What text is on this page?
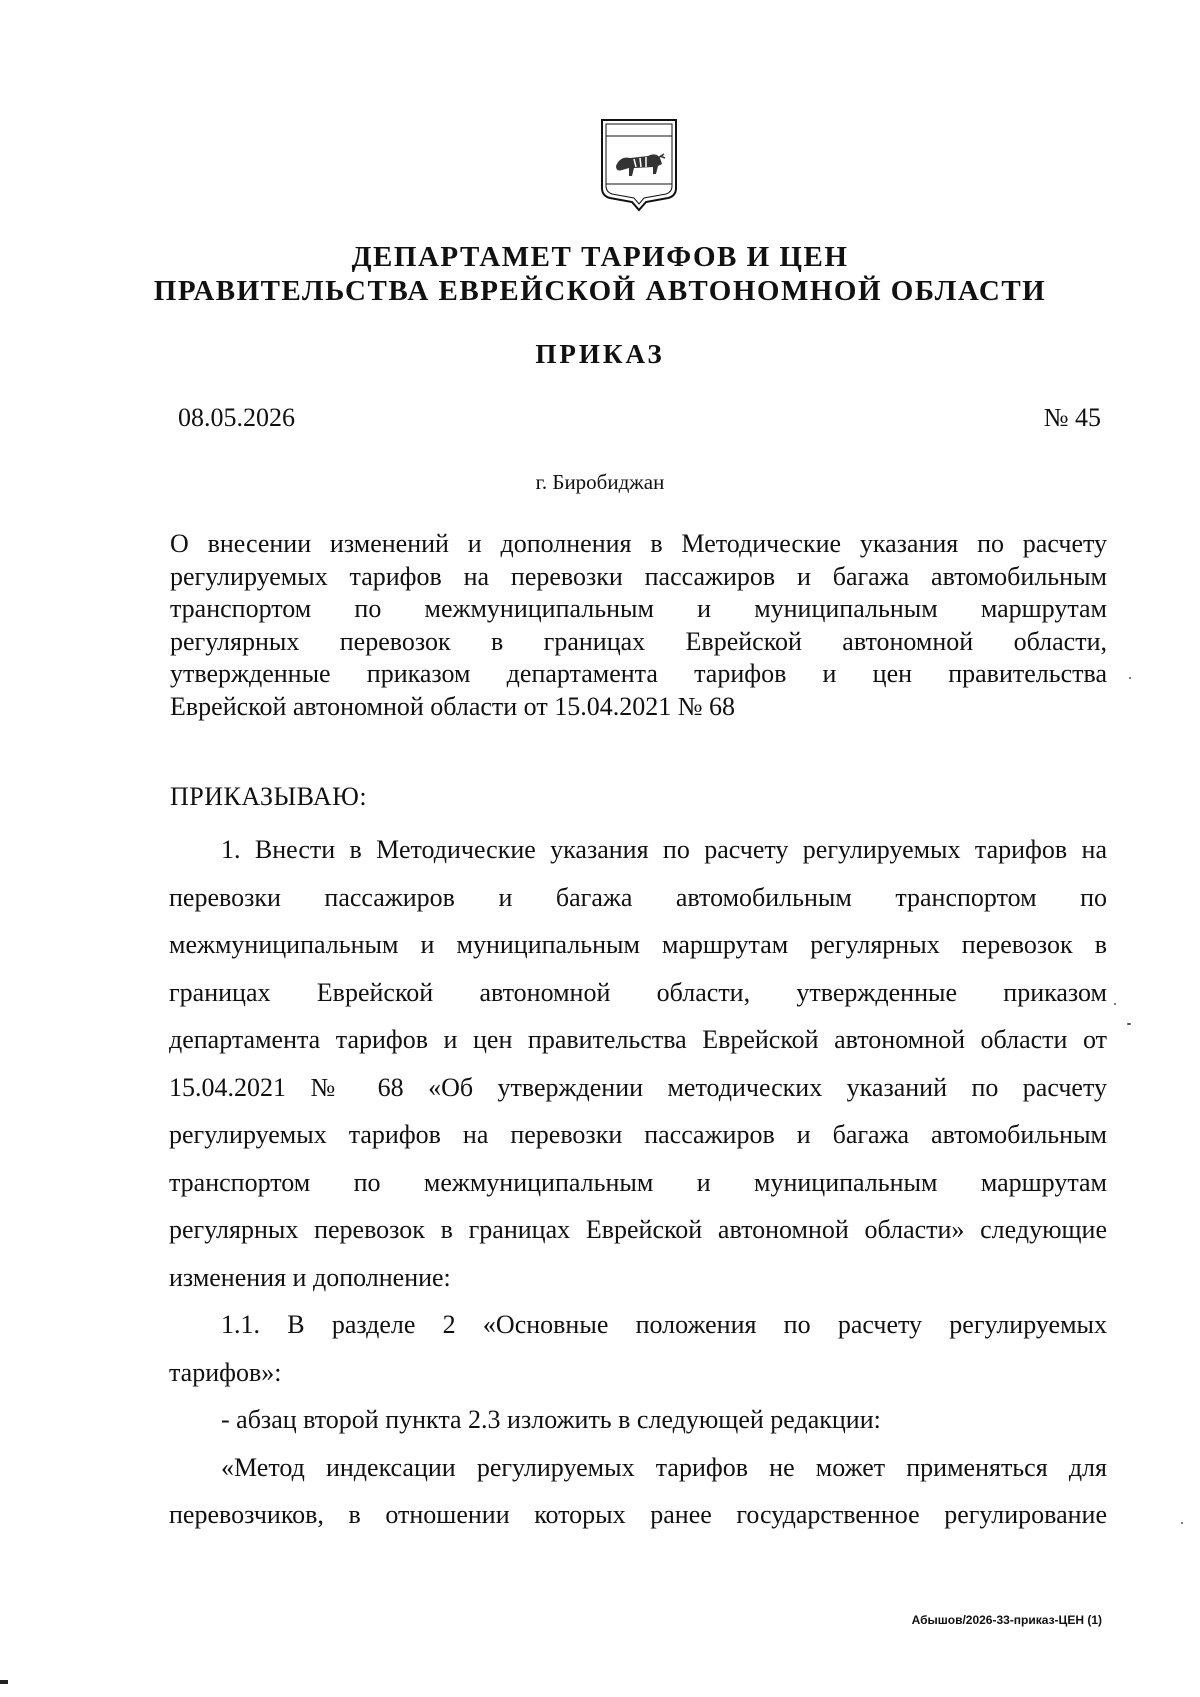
ДЕПАРТАМЕТ ТАРИФОВ И ЦЕН
ПРАВИТЕЛЬСТВА ЕВРЕЙСКОЙ АВТОНОМНОЙ ОБЛАСТИ
ПРИКАЗ
08.05.2026	№ 45
г. Биробиджан
О внесении изменений и дополнения в Методические указания по расчету
регулируемых тарифов на перевозки пассажиров и багажа автомобильным
транспортом по межмуниципальным и муниципальным маршрутам
регулярных перевозок в границах Еврейской автономной области,
утвержденные приказом департамента тарифов и цен правительства
Еврейской автономной области от 15.04.2021 № 68
ПРИКАЗЫВАЮ:
1. Внести в Методические указания по расчету регулируемых тарифов на
перевозки пассажиров и багажа автомобильным транспортом по
межмуниципальным и муниципальным маршрутам регулярных перевозок в
границах Еврейской автономной области, утвержденные приказом
департамента тарифов и цен правительства Еврейской автономной области от
15.04.2021 № 68 «Об утверждении методических указаний по расчету
регулируемых тарифов на перевозки пассажиров и багажа автомобильным
транспортом по межмуниципальным и муниципальным маршрутам
регулярных перевозок в границах Еврейской автономной области» следующие
изменения и дополнение:
1.1. В разделе 2 «Основные положения по расчету регулируемых
тарифов»:
- абзац второй пункта 2.3 изложить в следующей редакции:
«Метод индексации регулируемых тарифов не может применяться для
перевозчиков, в отношении которых ранее государственное регулирование
Абышов/2026-33-приказ-ЦЕН (1)
